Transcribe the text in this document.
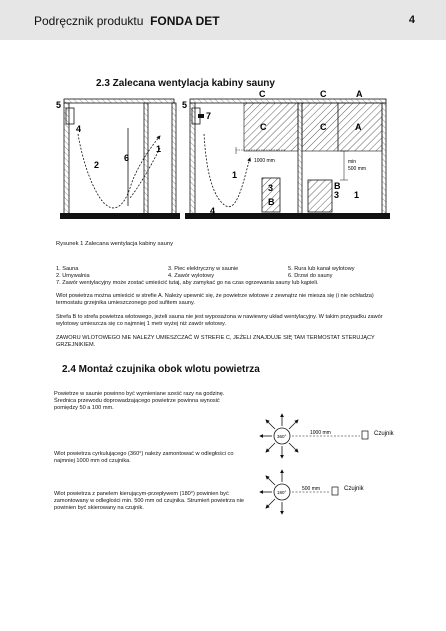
Podręcznik produktu FONDA DET	4
2.3 Zalecana wentylacja kabiny sauny
5
4
2
6
1
C	C	A
5
7
C	C	A
1000 mm	min
500 mm
1
3
B
4
B
3 1
Rysunek 1 Zalecana wentylacja kabiny sauny
1. Sauna
2. Umywalnia
3. Piec elektryczny w saunie
4. Zawór wylotowy
5. Rura lub kanał wylotowy
6. Drzwi do sauny
7. Zawór wentylacyjny może zostać umieścić tutaj, aby zamykać go na czas ogrzewania sauny lub kąpieli.
Wlot powietrza można umieścić w strefie A. Należy upewnić się, że powietrze wlotowe z zewnątrz nie miesza się (i nie ochładza) termostatu grzejnika umieszczonego pod sufitem sauny.
Strefa B to strefa powietrza wlotowego, jeżeli sauna nie jest wyposażona w nawiewny układ wentylacyjny. W takim przypadku zawór wylotowy umieszcza się co najmniej 1 metr wyżej niż zawór wlotowy.
ZAWORU WLOTOWEGO NIE NALEŻY UMIESZCZAĆ W STREFIE C, JEŻELI ZNAJDUJE SIĘ TAM TERMOSTAT STERUJĄCY GRZEJNIKIEM.
2.4 Montaż czujnika obok wlotu powietrza
Powietrze w saunie powinno być wymieniane sześć razy na godzinę. Średnica przewodu doprowadzającego powietrze powinna wynosić pomiędzy 50 a 100 mm.
Wlot powietrza cyrkulującego (360°) należy zamontować w odległości co najmniej 1000 mm od czujnika.
Wlot powietrza z panelem kierującym-przepływem (180°) powinien być zamontowany w odległości min. 500 mm od czujnika. Strumień powietrza nie powinien być skierowany na czujnik.
360°
1000 mm	Czujnik
180°
500 mm	Czujnik
